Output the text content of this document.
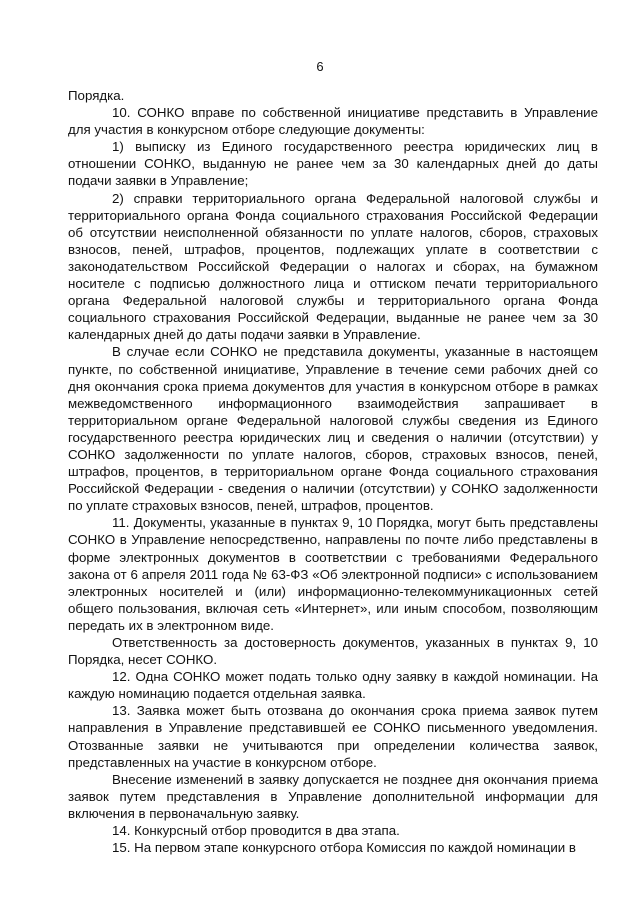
6

Порядка.

10. СОНКО вправе по собственной инициативе представить в Управление для участия в конкурсном отборе следующие документы:

1) выписку из Единого государственного реестра юридических лиц в отношении СОНКО, выданную не ранее чем за 30 календарных дней до даты подачи заявки в Управление;

2) справки территориального органа Федеральной налоговой службы и территориального органа Фонда социального страхования Российской Федерации об отсутствии неисполненной обязанности по уплате налогов, сборов, страховых взносов, пеней, штрафов, процентов, подлежащих уплате в соответствии с законодательством Российской Федерации о налогах и сборах, на бумажном носителе с подписью должностного лица и оттиском печати территориального органа Федеральной налоговой службы и территориального органа Фонда социального страхования Российской Федерации, выданные не ранее чем за 30 календарных дней до даты подачи заявки в Управление.

В случае если СОНКО не представила документы, указанные в настоящем пункте, по собственной инициативе, Управление в течение семи рабочих дней со дня окончания срока приема документов для участия в конкурсном отборе в рамках межведомственного информационного взаимодействия запрашивает в территориальном органе Федеральной налоговой службы сведения из Единого государственного реестра юридических лиц и сведения о наличии (отсутствии) у СОНКО задолженности по уплате налогов, сборов, страховых взносов, пеней, штрафов, процентов, в территориальном органе Фонда социального страхования Российской Федерации - сведения о наличии (отсутствии) у СОНКО задолженности по уплате страховых взносов, пеней, штрафов, процентов.

11. Документы, указанные в пунктах 9, 10 Порядка, могут быть представлены СОНКО в Управление непосредственно, направлены по почте либо представлены в форме электронных документов в соответствии с требованиями Федерального закона от 6 апреля 2011 года № 63-ФЗ «Об электронной подписи» с использованием электронных носителей и (или) информационно-телекоммуникационных сетей общего пользования, включая сеть «Интернет», или иным способом, позволяющим передать их в электронном виде.

Ответственность за достоверность документов, указанных в пунктах 9, 10 Порядка, несет СОНКО.

12. Одна СОНКО может подать только одну заявку в каждой номинации. На каждую номинацию подается отдельная заявка.

13. Заявка может быть отозвана до окончания срока приема заявок путем направления в Управление представившей ее СОНКО письменного уведомления. Отозванные заявки не учитываются при определении количества заявок, представленных на участие в конкурсном отборе.

Внесение изменений в заявку допускается не позднее дня окончания приема заявок путем представления в Управление дополнительной информации для включения в первоначальную заявку.

14. Конкурсный отбор проводится в два этапа.

15. На первом этапе конкурсного отбора Комиссия по каждой номинации в
